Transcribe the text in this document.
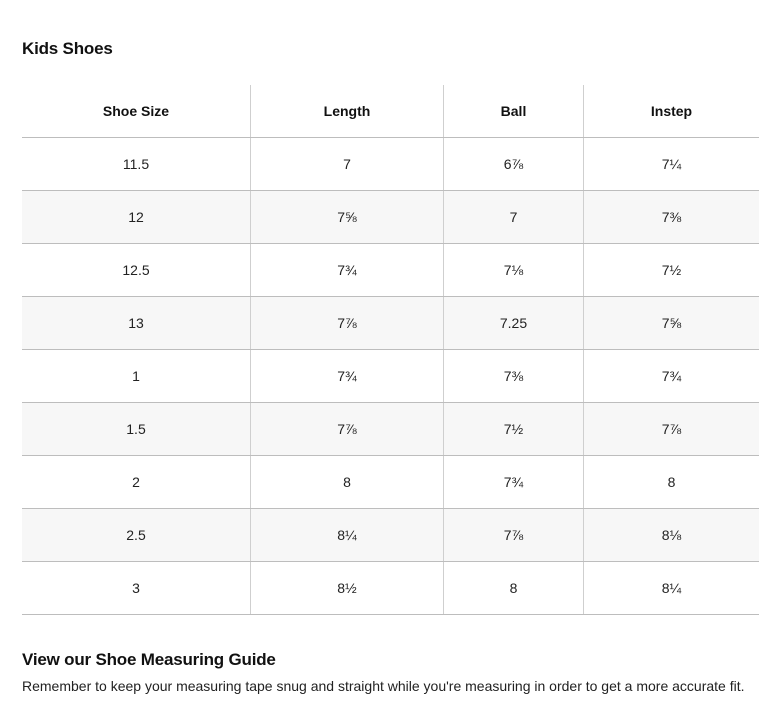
Kids Shoes
Shoe Size	Length	Ball	Instep
11.5	7	6⅞	7¼
12	7⅝	7	7⅜
12.5	7¾	7⅛	7½
13	7⅞	7.25	7⅝
1	7¾	7⅜	7¾
1.5	7⅞	7½	7⅞
2	8	7¾	8
2.5	8¼	7⅞	8⅛
3	8½	8	8¼
View our Shoe Measuring Guide

Remember to keep your measuring tape snug and straight while you're measuring in order to get a more accurate fit.
